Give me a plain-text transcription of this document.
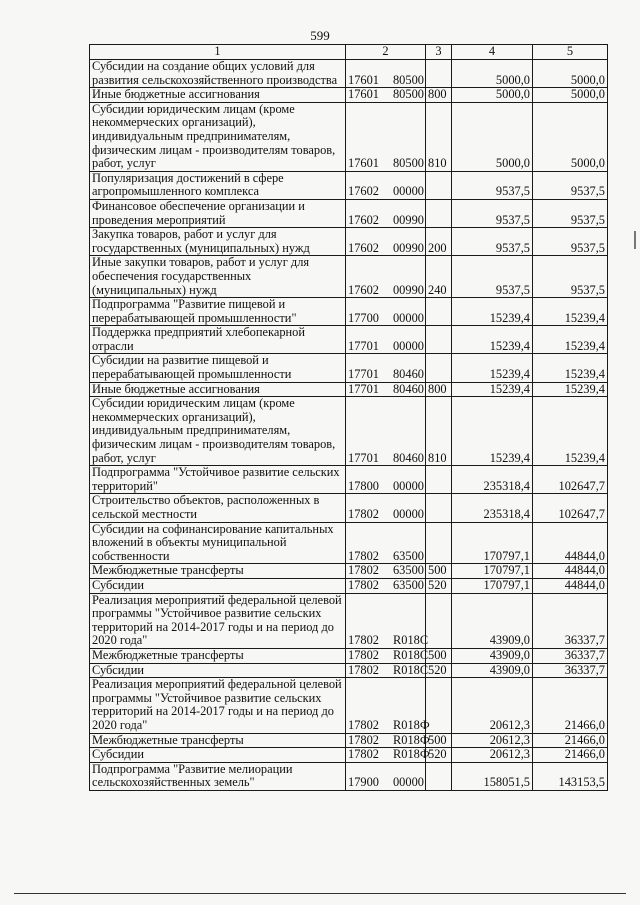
599
1	2	3	4	5
Субсидии на создание общих условий для развития сельскохозяйственного производства	17601 80500		5000,0	5000,0
Иные бюджетные ассигнования	17601 80500	800	5000,0	5000,0
Субсидии юридическим лицам (кроме некоммерческих организаций), индивидуальным предпринимателям, физическим лицам - производителям товаров, работ, услуг	17601 80500	810	5000,0	5000,0
Популяризация достижений в сфере агропромышленного комплекса	17602 00000		9537,5	9537,5
Финансовое обеспечение организации и проведения мероприятий	17602 00990		9537,5	9537,5
Закупка товаров, работ и услуг для государственных (муниципальных) нужд	17602 00990	200	9537,5	9537,5
Иные закупки товаров, работ и услуг для обеспечения государственных (муниципальных) нужд	17602 00990	240	9537,5	9537,5
Подпрограмма "Развитие пищевой и перерабатывающей промышленности"	17700 00000		15239,4	15239,4
Поддержка предприятий хлебопекарной отрасли	17701 00000		15239,4	15239,4
Субсидии на развитие пищевой и перерабатывающей промышленности	17701 80460		15239,4	15239,4
Иные бюджетные ассигнования	17701 80460	800	15239,4	15239,4
Субсидии юридическим лицам (кроме некоммерческих организаций), индивидуальным предпринимателям, физическим лицам - производителям товаров, работ, услуг	17701 80460	810	15239,4	15239,4
Подпрограмма "Устойчивое развитие сельских территорий"	17800 00000		235318,4	102647,7
Строительство объектов, расположенных в сельской местности	17802 00000		235318,4	102647,7
Субсидии на софинансирование капитальных вложений в объекты муниципальной собственности	17802 63500		170797,1	44844,0
Межбюджетные трансферты	17802 63500	500	170797,1	44844,0
Субсидии	17802 63500	520	170797,1	44844,0
Реализация мероприятий федеральной целевой программы "Устойчивое развитие сельских территорий на 2014-2017 годы и на период до 2020 года"	17802 R018C		43909,0	36337,7
Межбюджетные трансферты	17802 R018C	500	43909,0	36337,7
Субсидии	17802 R018C	520	43909,0	36337,7
Реализация мероприятий федеральной целевой программы "Устойчивое развитие сельских территорий на 2014-2017 годы и на период до 2020 года"	17802 R018Ф		20612,3	21466,0
Межбюджетные трансферты	17802 R018Ф	500	20612,3	21466,0
Субсидии	17802 R018Ф	520	20612,3	21466,0
Подпрограмма "Развитие мелиорации сельскохозяйственных земель"	17900 00000		158051,5	143153,5
